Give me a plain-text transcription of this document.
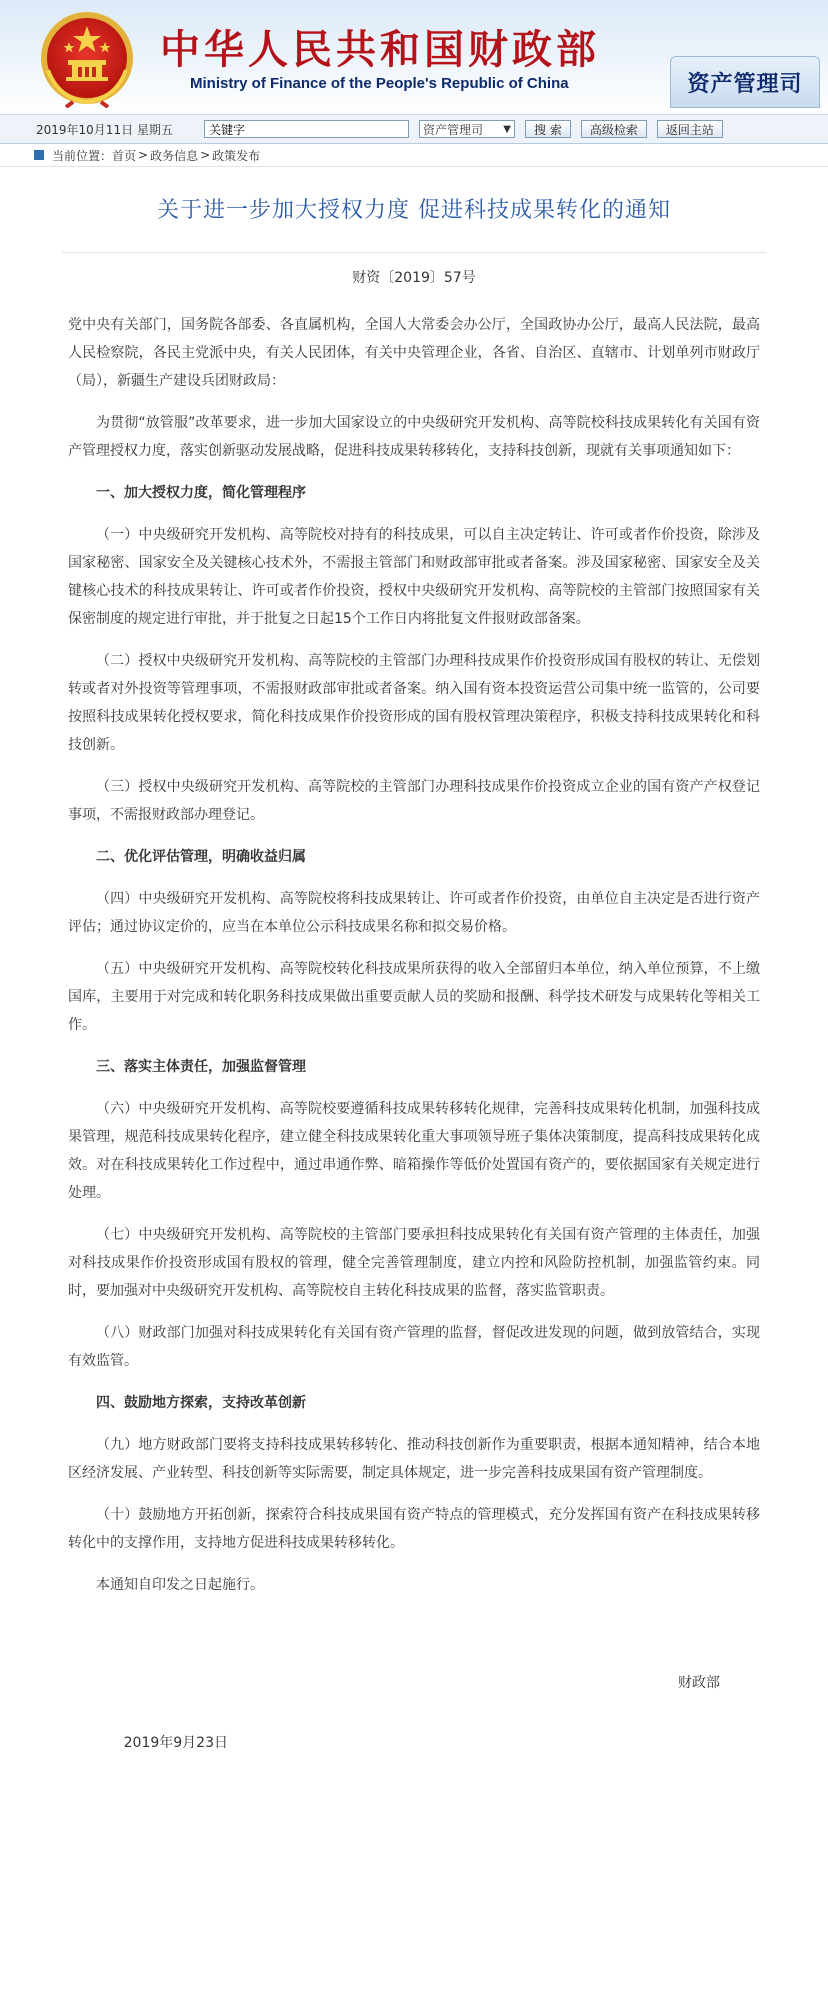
中华人民共和国财政部
Ministry of Finance of the People's Republic of China	资产管理司
2019年10月11日 星期五
关键字	资产管理司 ▼	搜 索	高级检索	返回主站
当前位置： 首页 > 政务信息 > 政策发布
关于进一步加大授权力度 促进科技成果转化的通知
财资〔2019〕57号

党中央有关部门，国务院各部委、各直属机构，全国人大常委会办公厅，全国政协办公厅，最高人民法院，最高人民检察院，各民主党派中央，有关人民团体，有关中央管理企业，各省、自治区、直辖市、计划单列市财政厅（局），新疆生产建设兵团财政局：

为贯彻“放管服”改革要求，进一步加大国家设立的中央级研究开发机构、高等院校科技成果转化有关国有资产管理授权力度，落实创新驱动发展战略，促进科技成果转移转化，支持科技创新，现就有关事项通知如下：

一、加大授权力度，简化管理程序

（一）中央级研究开发机构、高等院校对持有的科技成果，可以自主决定转让、许可或者作价投资，除涉及国家秘密、国家安全及关键核心技术外，不需报主管部门和财政部审批或者备案。涉及国家秘密、国家安全及关键核心技术的科技成果转让、许可或者作价投资，授权中央级研究开发机构、高等院校的主管部门按照国家有关保密制度的规定进行审批，并于批复之日起15个工作日内将批复文件报财政部备案。

（二）授权中央级研究开发机构、高等院校的主管部门办理科技成果作价投资形成国有股权的转让、无偿划转或者对外投资等管理事项，不需报财政部审批或者备案。纳入国有资本投资运营公司集中统一监管的，公司要按照科技成果转化授权要求，简化科技成果作价投资形成的国有股权管理决策程序，积极支持科技成果转化和科技创新。

（三）授权中央级研究开发机构、高等院校的主管部门办理科技成果作价投资成立企业的国有资产产权登记事项，不需报财政部办理登记。

二、优化评估管理，明确收益归属

（四）中央级研究开发机构、高等院校将科技成果转让、许可或者作价投资，由单位自主决定是否进行资产评估；通过协议定价的，应当在本单位公示科技成果名称和拟交易价格。

（五）中央级研究开发机构、高等院校转化科技成果所获得的收入全部留归本单位，纳入单位预算，不上缴国库，主要用于对完成和转化职务科技成果做出重要贡献人员的奖励和报酬、科学技术研发与成果转化等相关工作。

三、落实主体责任，加强监督管理

（六）中央级研究开发机构、高等院校要遵循科技成果转移转化规律，完善科技成果转化机制，加强科技成果管理，规范科技成果转化程序，建立健全科技成果转化重大事项领导班子集体决策制度，提高科技成果转化成效。对在科技成果转化工作过程中，通过串通作弊、暗箱操作等低价处置国有资产的，要依据国家有关规定进行处理。

（七）中央级研究开发机构、高等院校的主管部门要承担科技成果转化有关国有资产管理的主体责任，加强对科技成果作价投资形成国有股权的管理，健全完善管理制度，建立内控和风险防控机制，加强监管约束。同时，要加强对中央级研究开发机构、高等院校自主转化科技成果的监督，落实监管职责。

（八）财政部门加强对科技成果转化有关国有资产管理的监督，督促改进发现的问题，做到放管结合，实现有效监管。

四、鼓励地方探索，支持改革创新

（九）地方财政部门要将支持科技成果转移转化、推动科技创新作为重要职责，根据本通知精神，结合本地区经济发展、产业转型、科技创新等实际需要，制定具体规定，进一步完善科技成果国有资产管理制度。

（十）鼓励地方开拓创新，探索符合科技成果国有资产特点的管理模式，充分发挥国有资产在科技成果转移转化中的支撑作用，支持地方促进科技成果转移转化。

本通知自印发之日起施行。

财政部

2019年9月23日
